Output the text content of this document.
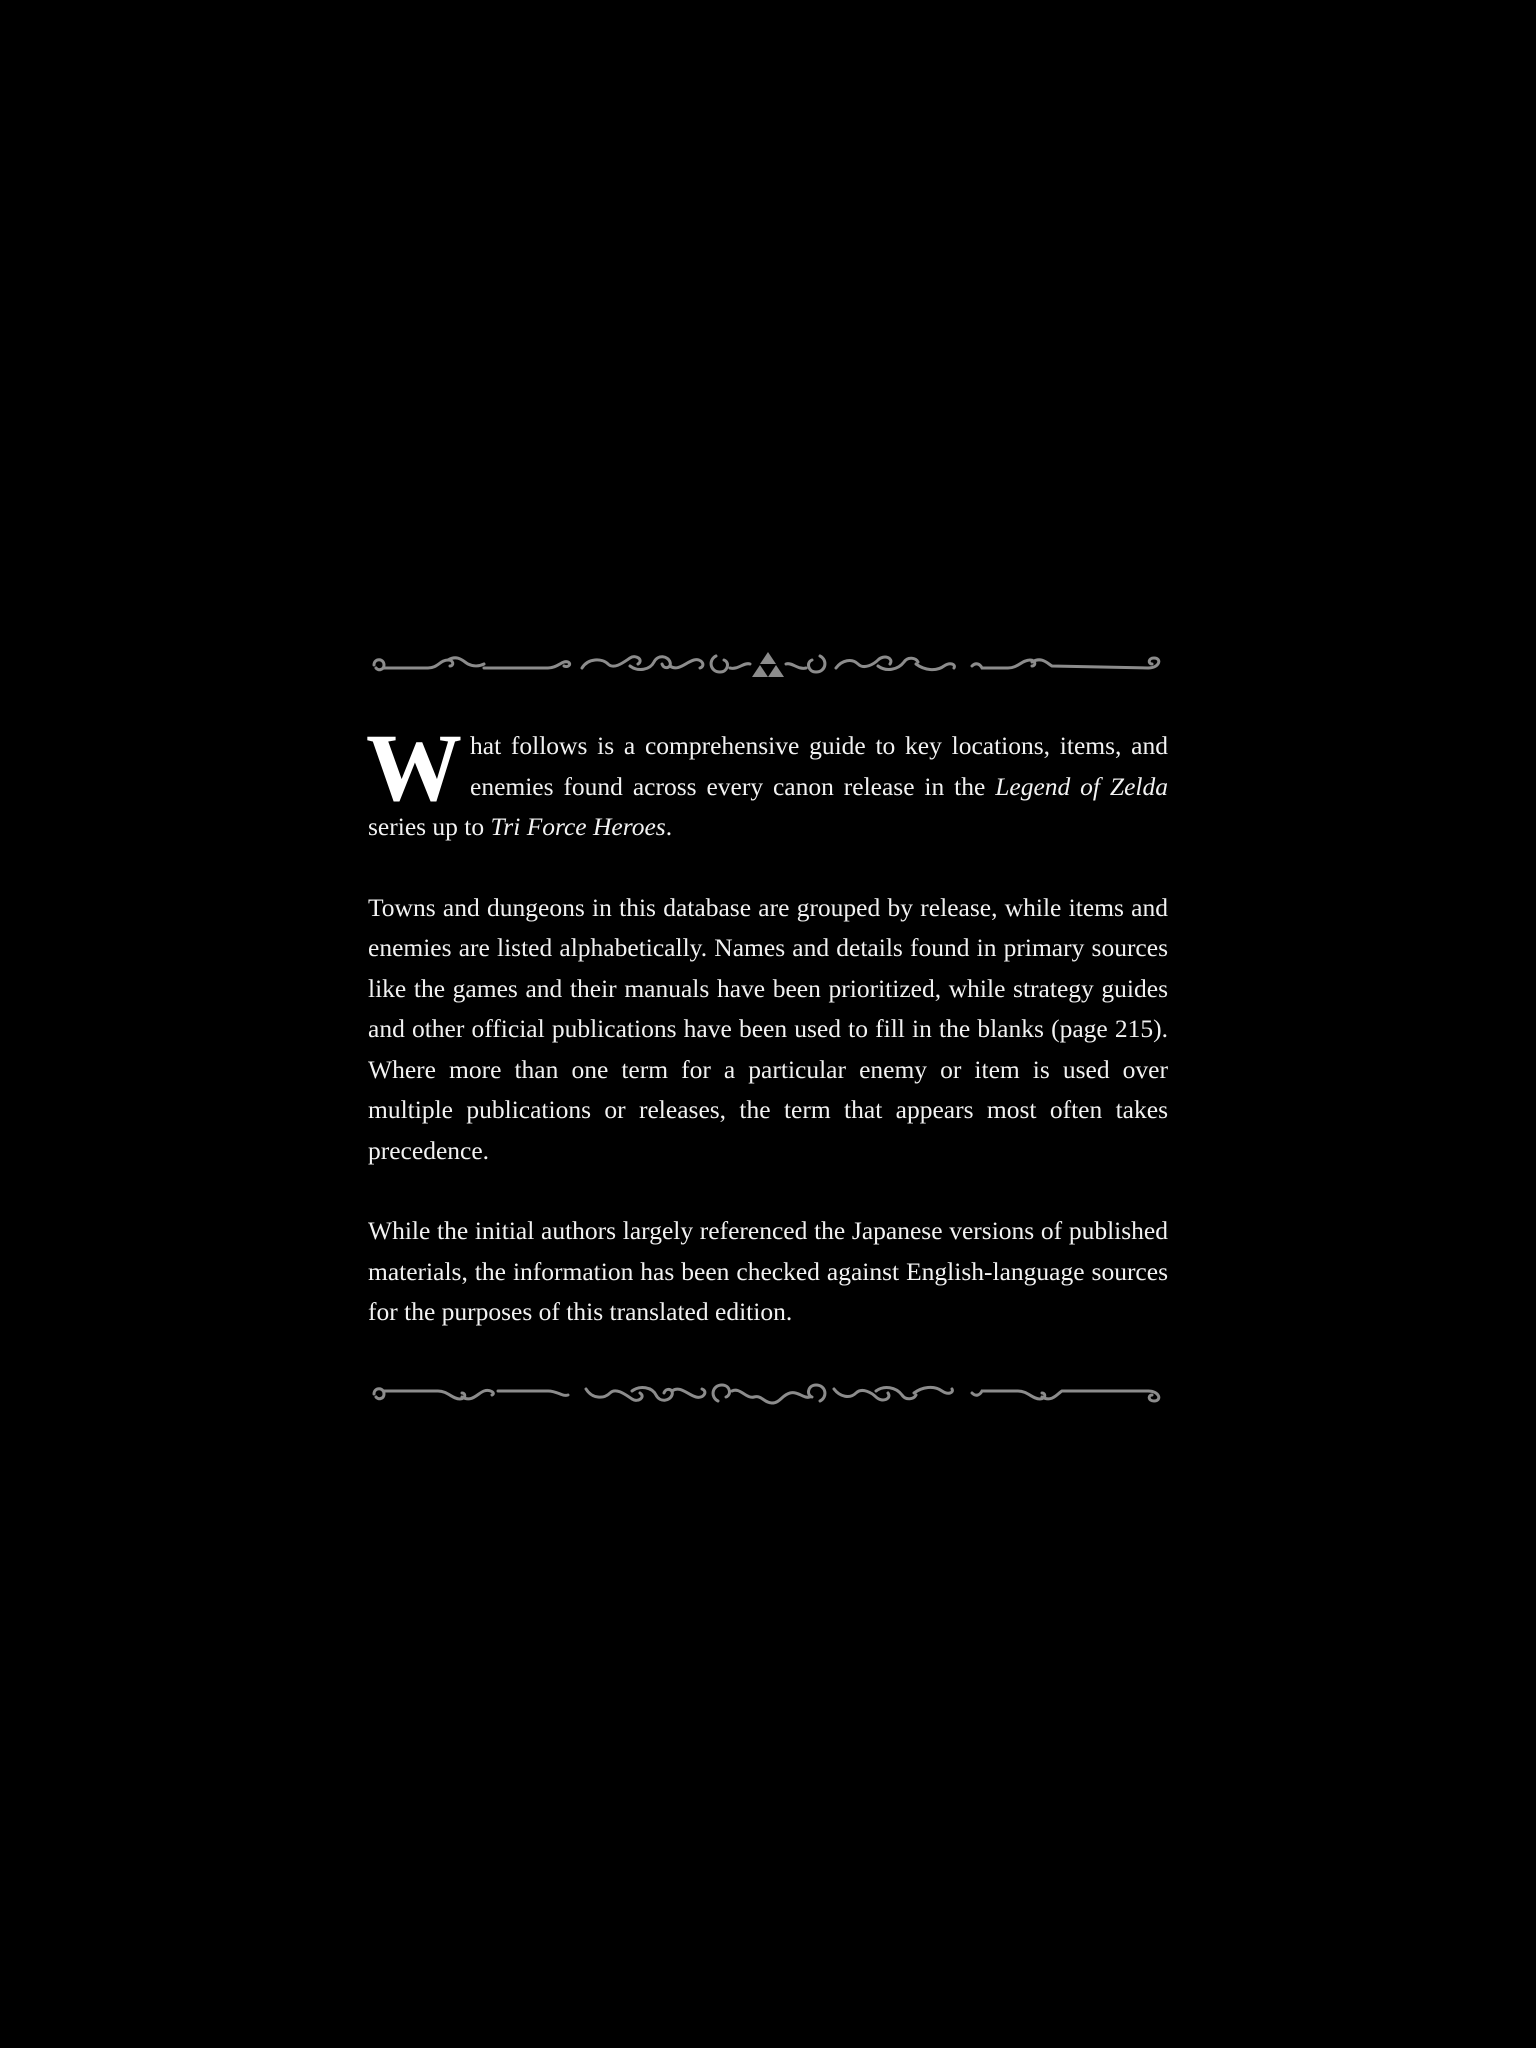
What follows is a comprehensive guide to key locations, items, and enemies found across every canon release in the Legend of Zelda series up to Tri Force Heroes.

Towns and dungeons in this database are grouped by release, while items and enemies are listed alphabetically. Names and details found in primary sources like the games and their manuals have been prioritized, while strategy guides and other official publications have been used to fill in the blanks (page 215). Where more than one term for a particular enemy or item is used over multiple publications or releases, the term that appears most often takes precedence.

While the initial authors largely referenced the Japanese versions of published materials, the information has been checked against English-language sources for the purposes of this translated edition.
